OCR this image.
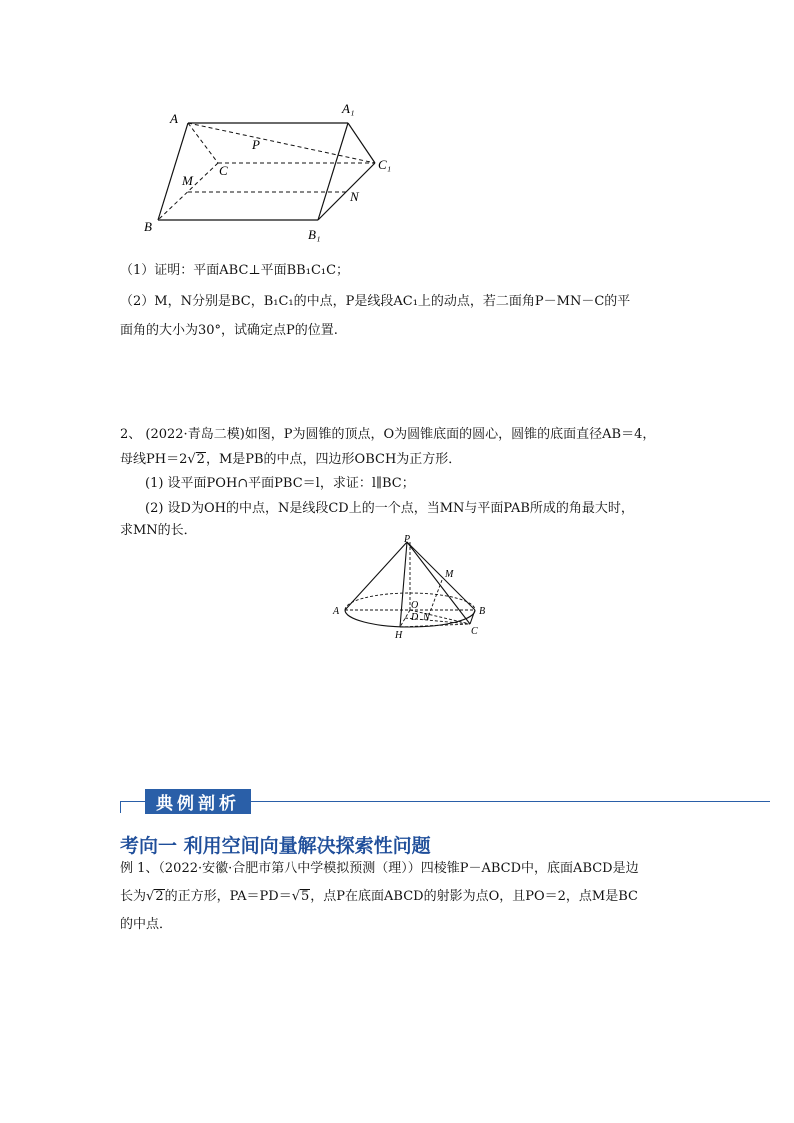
A
A₁
P
C	C₁
M
N
B
B₁
（1）证明：平面ABC⊥平面BB₁C₁C；
（2）M，N分别是BC，B₁C₁的中点，P是线段AC₁上的动点，若二面角P－MN－C的平
面角的大小为30°，试确定点P的位置.
2、 (2022·青岛二模)如图，P为圆锥的顶点，O为圆锥底面的圆心，圆锥的底面直径AB＝4，
母线PH＝2√2，M是PB的中点，四边形OBCH为正方形．
(1) 设平面POH∩平面PBC＝l，求证：l∥BC；
(2) 设D为OH的中点，N是线段CD上的一个点，当MN与平面PAB所成的角最大时，
求MN的长．
P
M
A
O
D N
B
H	C
典例剖析
考向一 利用空间向量解决探索性问题
例 1、（2022·安徽·合肥市第八中学模拟预测（理））四棱锥P－ABCD中，底面ABCD是边
长为√2的正方形，PA＝PD＝√5，点P在底面ABCD的射影为点O，且PO＝2，点M是BC
的中点．
